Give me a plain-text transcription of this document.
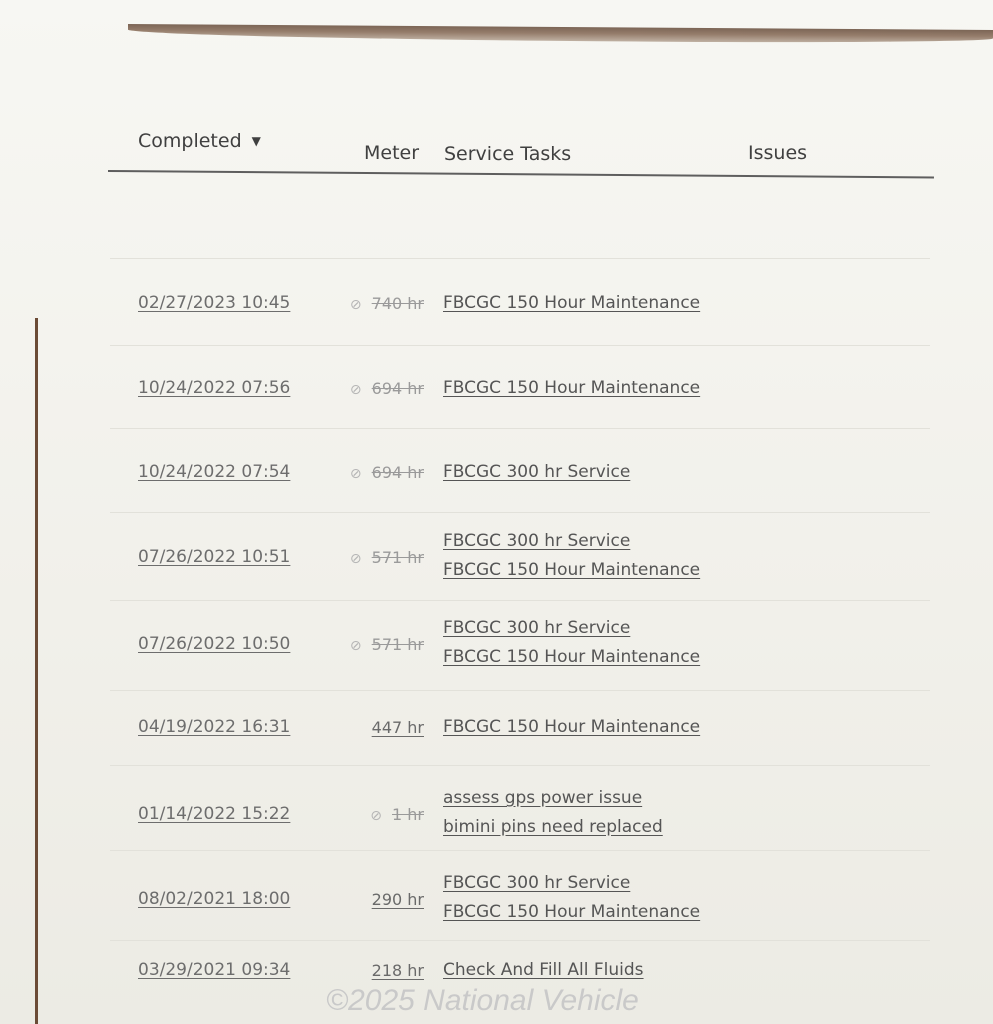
Completed ▼
Meter Service Tasks	Issues
02/27/2023 10:45	⊘ 740 hr FBCGC 150 Hour Maintenance
10/24/2022 07:56	⊘ 694 hr FBCGC 150 Hour Maintenance
10/24/2022 07:54	⊘ 694 hr FBCGC 300 hr Service
07/26/2022 10:51	⊘ 571 hr
FBCGC 300 hr Service
FBCGC 150 Hour Maintenance
07/26/2022 10:50	⊘ 571 hr
FBCGC 300 hr Service
FBCGC 150 Hour Maintenance
04/19/2022 16:31	447 hr FBCGC 150 Hour Maintenance
01/14/2022 15:22	⊘ 1 hr
assess gps power issue
bimini pins need replaced
08/02/2021 18:00	290 hr
FBCGC 300 hr Service
FBCGC 150 Hour Maintenance
03/29/2021 09:34	218 hr Check And Fill All Fluids
©2025 National Vehicle
